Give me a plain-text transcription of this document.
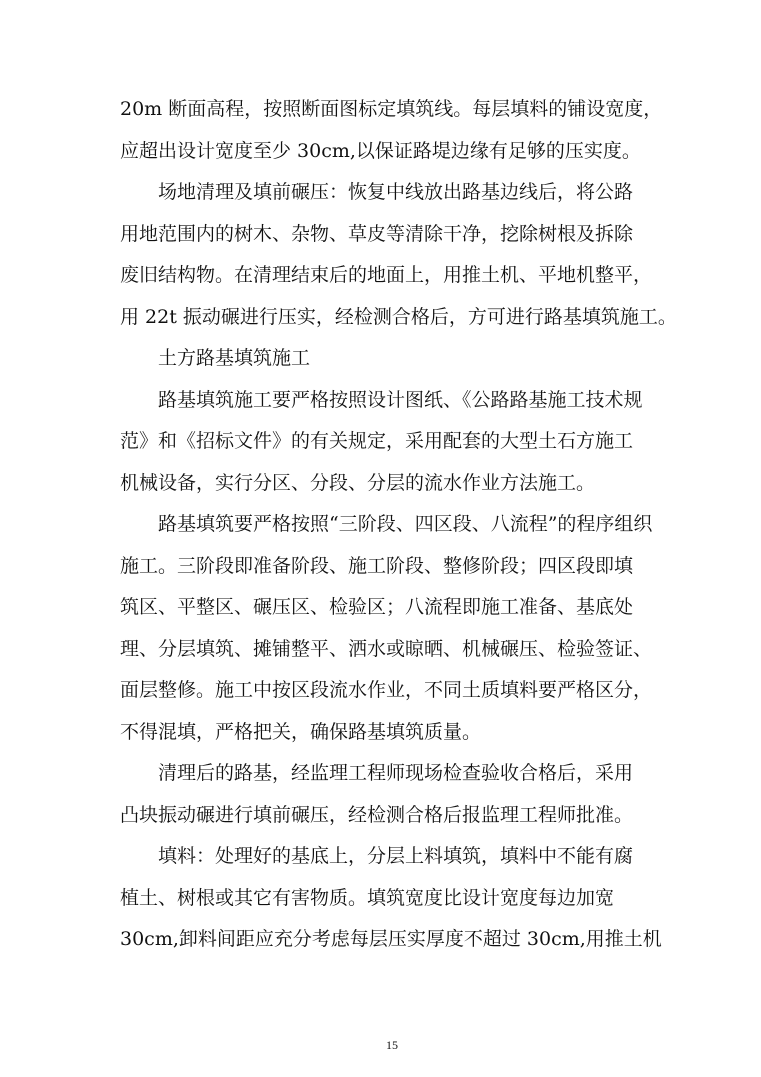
20m 断面高程，按照断面图标定填筑线。每层填料的铺设宽度，
应超出设计宽度至少 30cm,以保证路堤边缘有足够的压实度。
场地清理及填前碾压：恢复中线放出路基边线后，将公路
用地范围内的树木、杂物、草皮等清除干净，挖除树根及拆除
废旧结构物。在清理结束后的地面上，用推土机、平地机整平，
用 22t 振动碾进行压实，经检测合格后，方可进行路基填筑施工。
土方路基填筑施工
路基填筑施工要严格按照设计图纸、《公路路基施工技术规
范》和《招标文件》的有关规定，采用配套的大型土石方施工
机械设备，实行分区、分段、分层的流水作业方法施工。
路基填筑要严格按照“三阶段、四区段、八流程”的程序组织
施工。三阶段即准备阶段、施工阶段、整修阶段；四区段即填
筑区、平整区、碾压区、检验区；八流程即施工准备、基底处
理、分层填筑、摊铺整平、洒水或晾晒、机械碾压、检验签证、
面层整修。施工中按区段流水作业，不同土质填料要严格区分，
不得混填，严格把关，确保路基填筑质量。
清理后的路基，经监理工程师现场检查验收合格后，采用
凸块振动碾进行填前碾压，经检测合格后报监理工程师批准。
填料：处理好的基底上，分层上料填筑，填料中不能有腐
植土、树根或其它有害物质。填筑宽度比设计宽度每边加宽
30cm,卸料间距应充分考虑每层压实厚度不超过 30cm,用推土机
15
